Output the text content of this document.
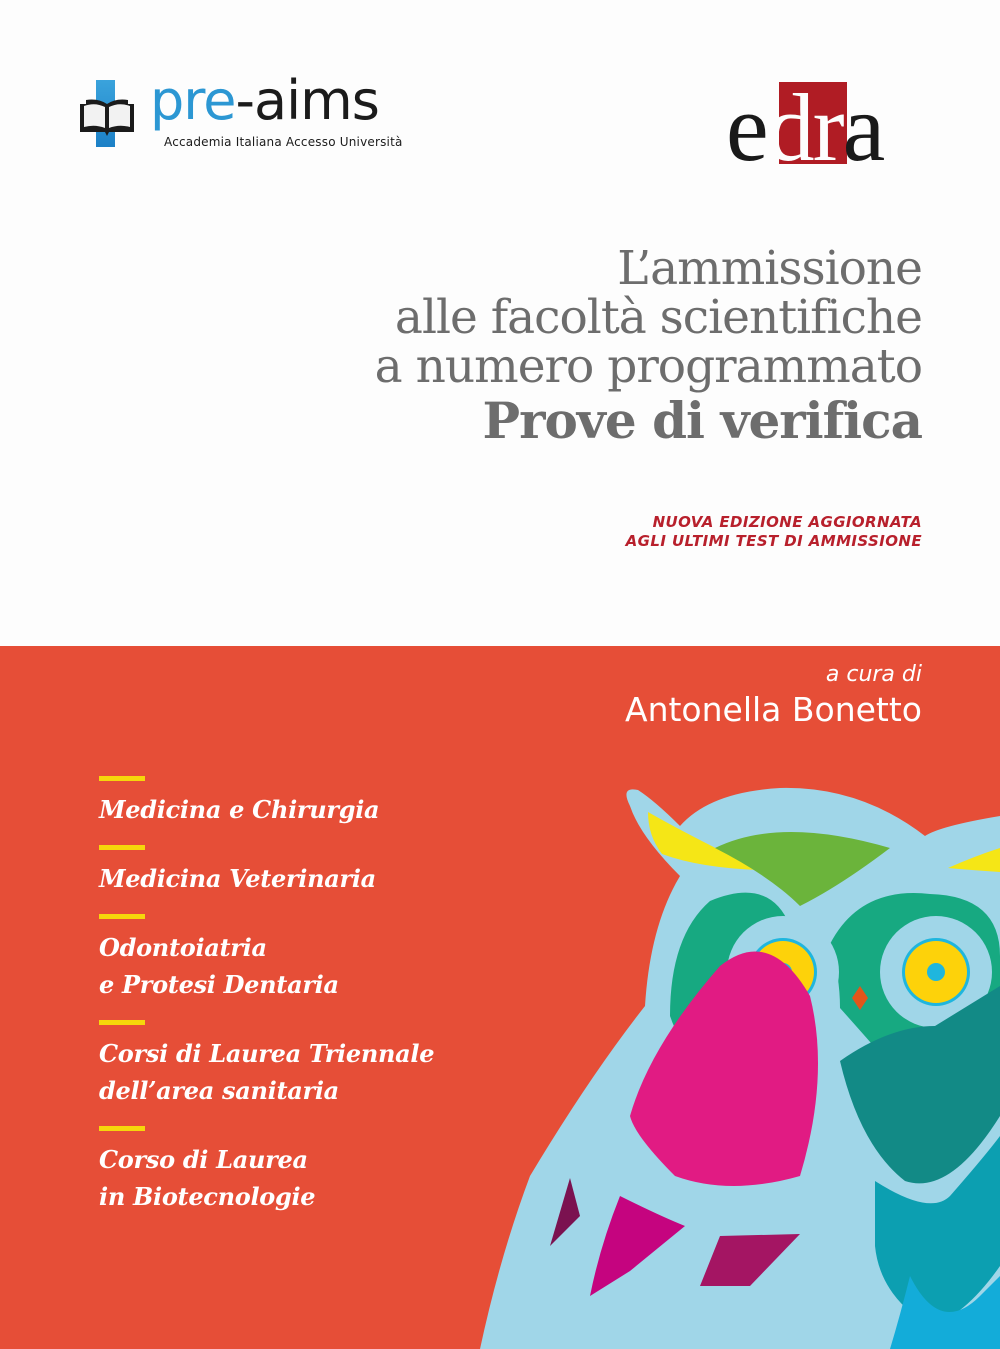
pre-aims
Accademia Italiana Accesso Università	edra
L’ammissione
alle facoltà scientifiche
a numero programmato
Prove di verifica
NUOVA EDIZIONE AGGIORNATA
AGLI ULTIMI TEST DI AMMISSIONE
a cura di
Antonella Bonetto
Medicina e Chirurgia
Medicina Veterinaria
Odontoiatria
e Protesi Dentaria
Corsi di Laurea Triennale
dell’area sanitaria
Corso di Laurea
in Biotecnologie
